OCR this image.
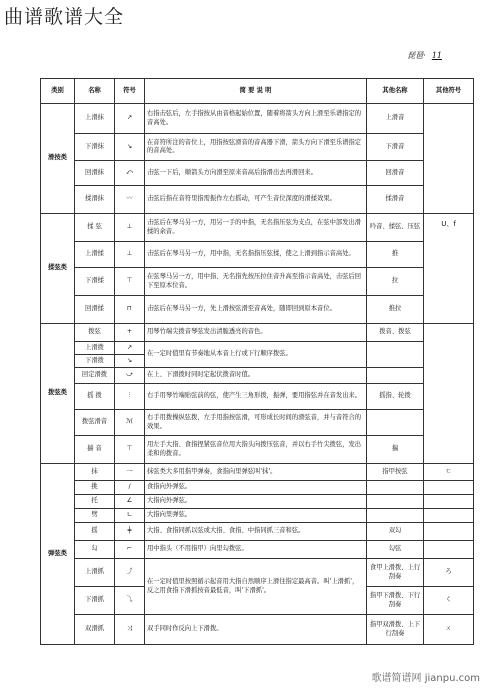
曲谱歌谱大全
琵琶· 11
类别	名称	符号	简 要 说 明	其他名称	其他符号
滑按类	上滑抹	↗	右指击弦后，左手指按从由音格起始位置，随着将箭头方向上滑至乐谱指定的音高处。	上滑音	
	下滑抹	↘	在音符所注的音位上，用指按弦滑音的音高器下滑，箭头方向下滑至乐谱指定的音高处。	下滑音	
	回滑抹	⤺	击弦一下后，顺箭头方向滑至原来音高后指滑出去再滑回来。	回滑音	
	揉滑抹	〰	击弦后指在音符里指需振作左右摇动，可产生音位深度的滑揉效果。	揉滑音	
揉弦类	揉 弦	⊥	击弦后在琴马另一方，用另一手的中指，无名指压弦为支点，在弦中部发出滑揉的余音。	吟音、揉弦、压弦	U、f
	上滑揉	⊥	击弦后在琴马另一方，用中指，无名指指压弦揉，使之上滑到指示音高处。	推	
	下滑揉	⊤	在弦琴马另一方，用中指、无名指先按压拉住音升高至指示音高处，击弦后回下至原本位音。	拉	
	回滑揉	⊓	击弦后在琴马另一方，先上滑按弦滑至音高处，随即回到原本音位。	推拉	
拨弦类	拨弦	+	用琴竹端尖拨音琴弦发出清脆透亮的音色。	拨音、拨弦	
	上滑拨	↗	在一定时值里有节奏地从本音上行或下行顺序拨弦。		
	下滑拨	↘			
	回定滑拨	⤻	在上、下滑拨时同时定起伏拨音时值。		
	摇 拨	⫶	右手用琴竹端贴弦前的弦，使产生三角形拨，振弹，要用指弦并在音发出来。	摇指、轮拨	
	拨弦滑音	ℳ	右手用拨操纵弦拨，左手用指按弦滑，可形成长时间的滑弦音，并与音符合的效果。		
	揣 音	⊤	用左手大指、食指捏紧弦音位用大指头向拨压弦音，并以右手竹尖拨弦，发出柔和的拨音。	揣	
弹弦类	抹	一	抹弦类大多用指甲弹奏，食指向里弹弦叫'抹'。	指甲按弦	ㄷ
	挑	/	食指向外弹弦。		
	托	∠	大指向外弹弦。		
	劈	∟	大指向里弹弦。		
	摇	╪	大指、食指同抓以弦或大指、食指、中指同抓三音和弦。	双勾	
	勾	⌐	用中指头（不用指甲）向里勾拨弦。	勾弦	
	上滑抓	⤴	在一定时值里按照循示起音用大指自然顺序上滑往指定最高音。叫'上滑抓'，反之用食指下滑抓按音最低音，叫'下滑抓'。	食甲上滑拨、上行刮奏	ろ
	下滑抓	⤵		指甲下滑拨、下行刮奏	く
	双滑抓	⤨	双手同时作反向上下滑拨。	指甲双滑拨、上下行刮奏	ㄨ
歌谱简谱网 jianpu.com
